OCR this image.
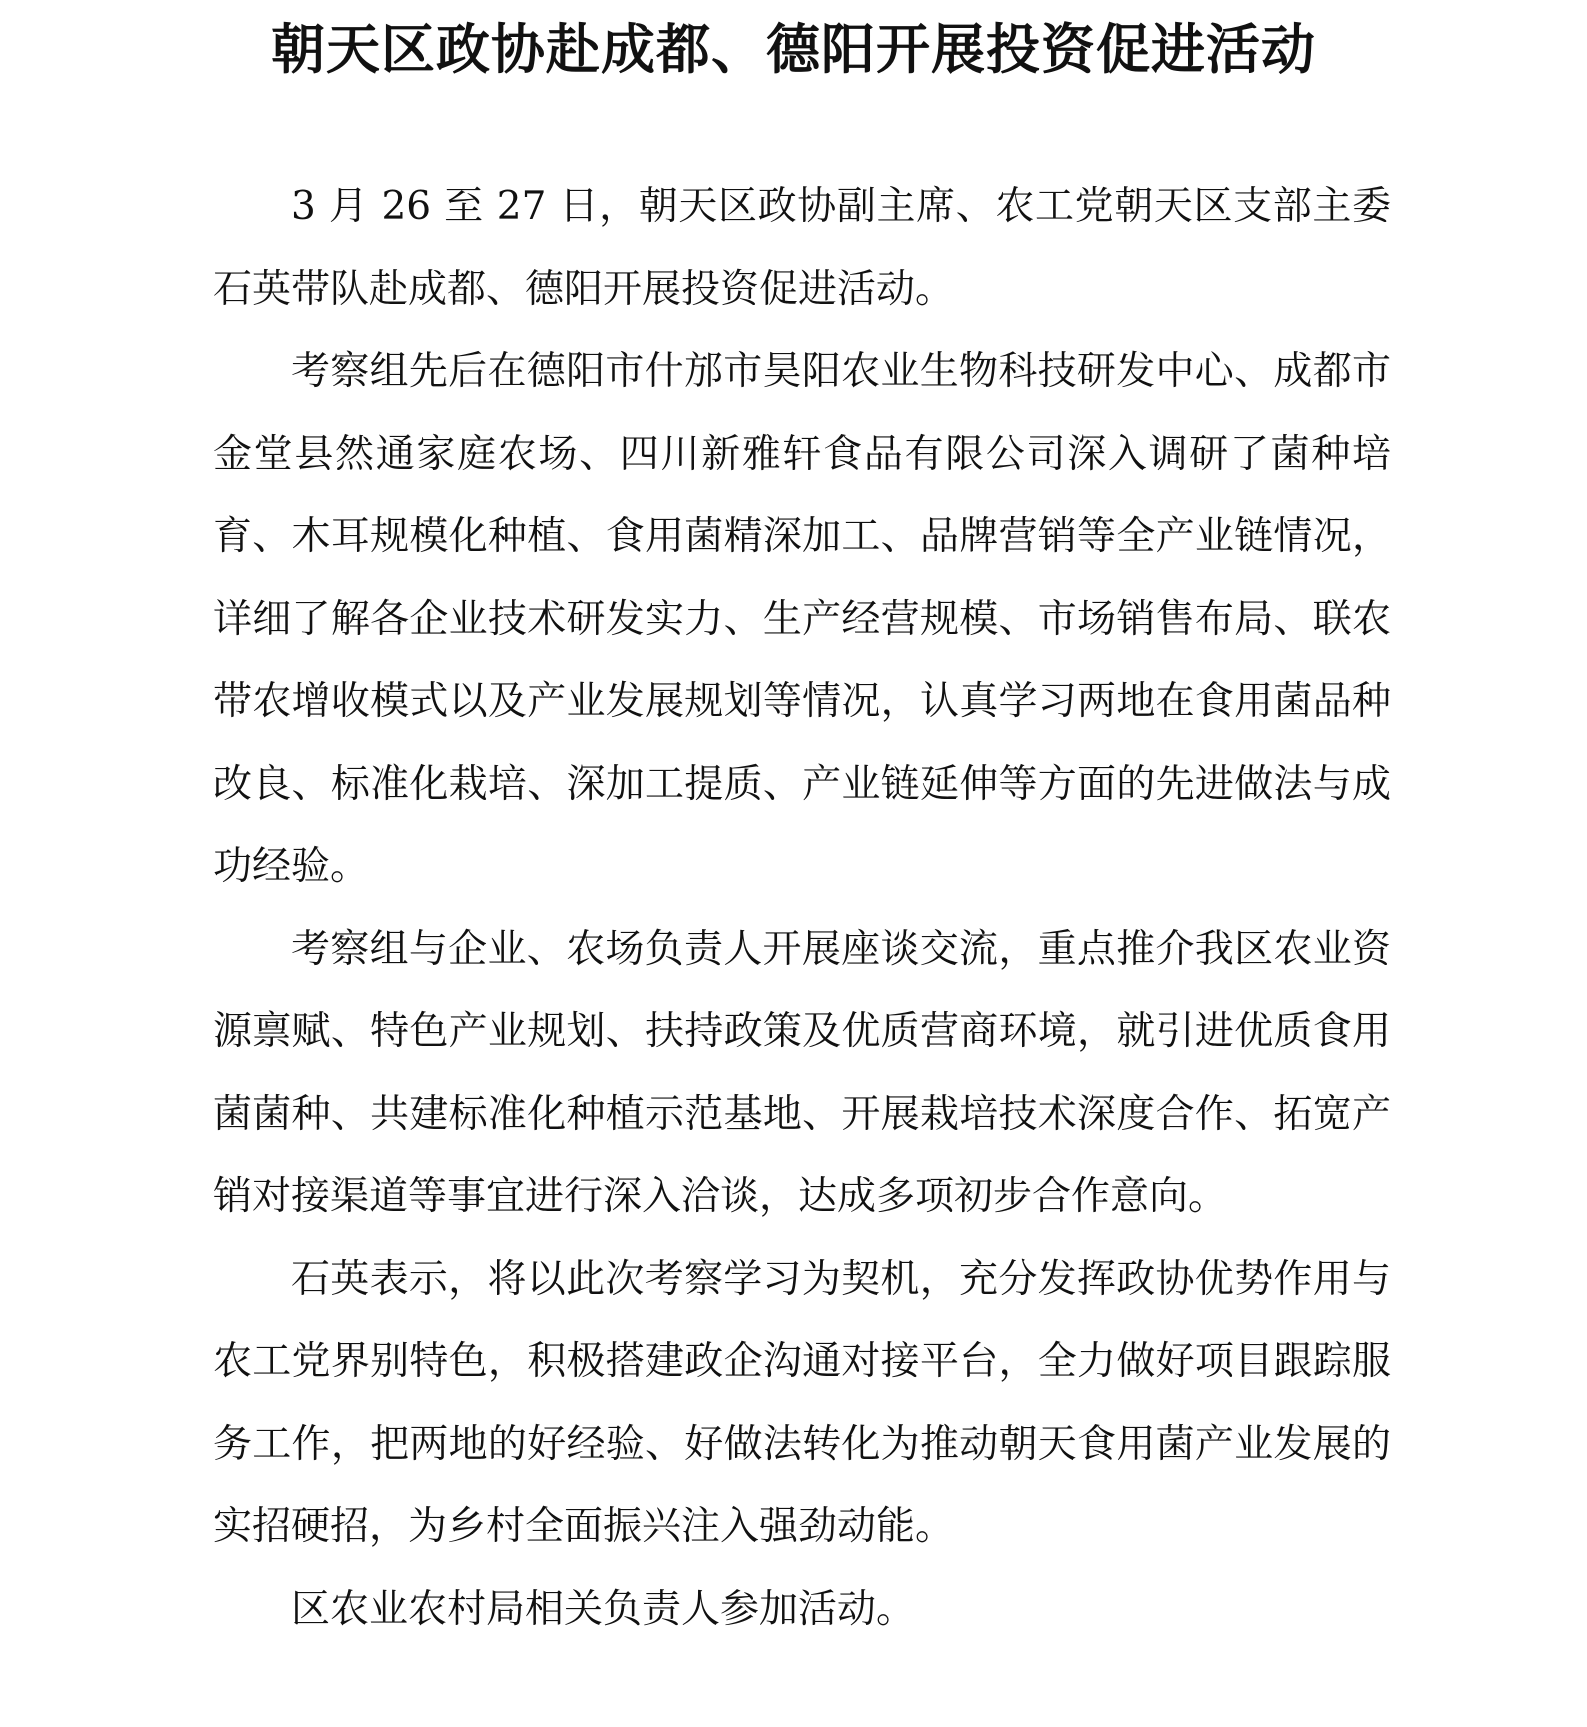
朝天区政协赴成都、德阳开展投资促进活动

3 月 26 至 27 日，朝天区政协副主席、农工党朝天区支部主委石英带队赴成都、德阳开展投资促进活动。

考察组先后在德阳市什邡市昊阳农业生物科技研发中心、成都市金堂县然通家庭农场、四川新雅轩食品有限公司深入调研了菌种培育、木耳规模化种植、食用菌精深加工、品牌营销等全产业链情况，详细了解各企业技术研发实力、生产经营规模、市场销售布局、联农带农增收模式以及产业发展规划等情况，认真学习两地在食用菌品种改良、标准化栽培、深加工提质、产业链延伸等方面的先进做法与成功经验。

考察组与企业、农场负责人开展座谈交流，重点推介我区农业资源禀赋、特色产业规划、扶持政策及优质营商环境，就引进优质食用菌菌种、共建标准化种植示范基地、开展栽培技术深度合作、拓宽产销对接渠道等事宜进行深入洽谈，达成多项初步合作意向。

石英表示，将以此次考察学习为契机，充分发挥政协优势作用与农工党界别特色，积极搭建政企沟通对接平台，全力做好项目跟踪服务工作，把两地的好经验、好做法转化为推动朝天食用菌产业发展的实招硬招，为乡村全面振兴注入强劲动能。

区农业农村局相关负责人参加活动。
